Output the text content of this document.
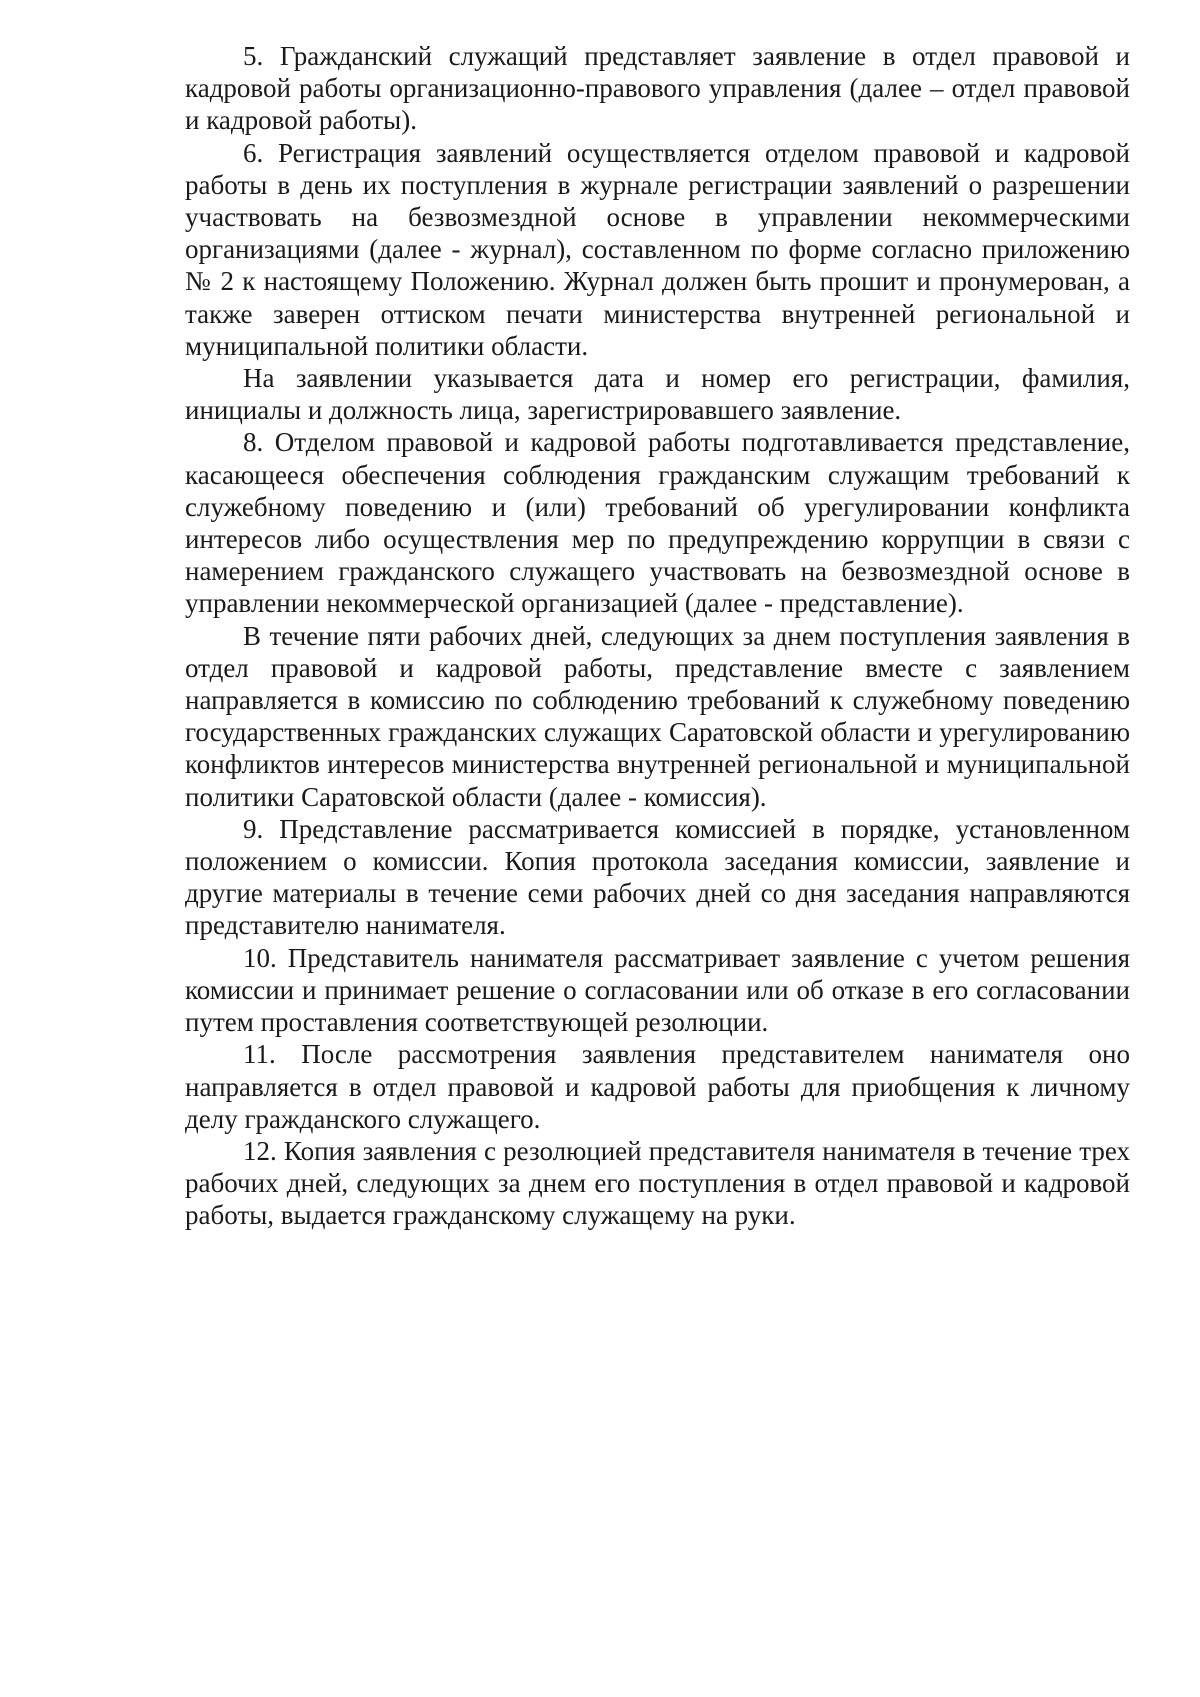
5. Гражданский служащий представляет заявление в отдел правовой и кадровой работы организационно-правового управления (далее – отдел правовой и кадровой работы).

6. Регистрация заявлений осуществляется отделом правовой и кадровой работы в день их поступления в журнале регистрации заявлений о разрешении участвовать на безвозмездной основе в управлении некоммерческими организациями (далее - журнал), составленном по форме согласно приложению № 2 к настоящему Положению. Журнал должен быть прошит и пронумерован, а также заверен оттиском печати министерства внутренней региональной и муниципальной политики области.

На заявлении указывается дата и номер его регистрации, фамилия, инициалы и должность лица, зарегистрировавшего заявление.

8. Отделом правовой и кадровой работы подготавливается представление, касающееся обеспечения соблюдения гражданским служащим требований к служебному поведению и (или) требований об урегулировании конфликта интересов либо осуществления мер по предупреждению коррупции в связи с намерением гражданского служащего участвовать на безвозмездной основе в управлении некоммерческой организацией (далее - представление).

В течение пяти рабочих дней, следующих за днем поступления заявления в отдел правовой и кадровой работы, представление вместе с заявлением направляется в комиссию по соблюдению требований к служебному поведению государственных гражданских служащих Саратовской области и урегулированию конфликтов интересов министерства внутренней региональной и муниципальной политики Саратовской области (далее - комиссия).

9. Представление рассматривается комиссией в порядке, установленном положением о комиссии. Копия протокола заседания комиссии, заявление и другие материалы в течение семи рабочих дней со дня заседания направляются представителю нанимателя.

10. Представитель нанимателя рассматривает заявление с учетом решения комиссии и принимает решение о согласовании или об отказе в его согласовании путем проставления соответствующей резолюции.

11. После рассмотрения заявления представителем нанимателя оно направляется в отдел правовой и кадровой работы для приобщения к личному делу гражданского служащего.

12. Копия заявления с резолюцией представителя нанимателя в течение трех рабочих дней, следующих за днем его поступления в отдел правовой и кадровой работы, выдается гражданскому служащему на руки.
